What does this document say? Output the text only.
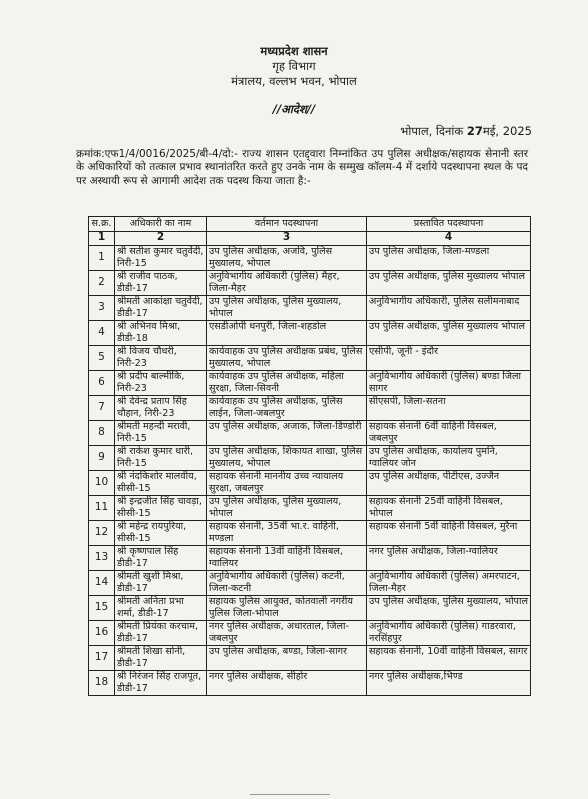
मध्यप्रदेश शासन
गृह विभाग
मंत्रालय, वल्लभ भवन, भोपाल
//आदेश//
भोपाल, दिनांक 27मई, 2025
क्रमांक:एफ1/4/0016/2025/बी-4/दो:- राज्य शासन एतद्द्वारा निम्नांकित उप पुलिस अधीक्षक/सहायक सेनानी स्तर के अधिकारियों को तत्काल प्रभाव स्थानांतरित करते हुए उनके नाम के सम्मुख कॉलम-4 में दर्शाये पदस्थापना स्थल के पद पर अस्थायी रूप से आगामी आदेश तक पदस्थ किया जाता है:-
स.क्र.	अधिकारी का नाम	वर्तमान पदस्थापना	प्रस्तावित पदस्थापना
1	2	3	4
1	श्री सतीश कुमार चतुर्वेदी, निरी-15	उप पुलिस अधीक्षक, अजवि, पुलिस मुख्यालय, भोपाल	उप पुलिस अधीक्षक, जिला-मण्डला
2	श्री राजीव पाठक, डीडी-17	अनुविभागीय अधिकारी (पुलिस) मैहर, जिला-मैहर	उप पुलिस अधीक्षक, पुलिस मुख्यालय भोपाल
3	श्रीमती आकांक्षा चतुर्वेदी, डीडी-17	उप पुलिस अधीक्षक, पुलिस मुख्यालय, भोपाल	अनुविभागीय अधिकारी, पुलिस सलीमनाबाद
4	श्री अभिनव मिश्रा, डीडी-18	एसडीओपी धनपुरी, जिला-शहडोल	उप पुलिस अधीक्षक, पुलिस मुख्यालय भोपाल
5	श्री विजय चौधरी, निरी-23	कार्यवाहक उप पुलिस अधीक्षक प्रबंध, पुलिस मुख्यालय, भोपाल	एसीपी, जूनी - इंदौर
6	श्री प्रदीप बाल्मीकि, निरी-23	कार्यवाहक उप पुलिस अधीक्षक, महिला सुरक्षा, जिला-सिवनी	अनुविभागीय अधिकारी (पुलिस) बण्डा जिला सागर
7	श्री देवेन्द्र प्रताप सिंह चौहान, निरी-23	कार्यवाहक उप पुलिस अधीक्षक, पुलिस लाईन, जिला-जबलपुर	सीएसपी, जिला-सतना
8	श्रीमती महन्दी मरावी, निरी-15	उप पुलिस अधीक्षक, अजाक, जिला-डिण्डोरी	सहायक सेनानी 6वीं वाहिनी विसबल, जबलपुर
9	श्री राकेश कुमार धारी, निरी-15	उप पुलिस अधीक्षक, शिकायत शाखा, पुलिस मुख्यालय, भोपाल	उप पुलिस अधीक्षक, कार्यालय पुमनि, ग्वालियर जोन
10	श्री नंदकिशोर मालवीय, सीसी-15	सहायक सेनानी माननीय उच्च न्यायालय सुरक्षा, जबलपुर	उप पुलिस अधीक्षक, पीटीएस, उज्जैन
11	श्री इन्द्रजीत सिंह चावड़ा, सीसी-15	उप पुलिस अधीक्षक, पुलिस मुख्यालय, भोपाल	सहायक सेनानी 25वीं वाहिनी विसबल, भोपाल
12	श्री महेन्द्र रायपुरिया, सीसी-15	सहायक सेनानी, 35वीं भा.र. वाहिनी, मण्डला	सहायक सेनानी 5वीं वाहिनी विसबल, मुरैना
13	श्री कृष्णपाल सिंह डीडी-17	सहायक सेनानी 13वीं वाहिनी विसबल, ग्वालियर	नगर पुलिस अधीक्षक, जिला-ग्वालियर
14	श्रीमती खुशी मिश्रा, डीडी-17	अनुविभागीय अधिकारी (पुलिस) कटनी, जिला-कटनी	अनुविभागीय अधिकारी (पुलिस) अमरपाटन, जिला-मैहर
15	श्रीमती अनिता प्रभा शर्मा, डीडी-17	सहायक पुलिस आयुक्त, कोतवाली नगरीय पुलिस जिला-भोपाल	उप पुलिस अधीक्षक, पुलिस मुख्यालय, भोपाल
16	श्रीमती प्रियंका करचाम, डीडी-17	नगर पुलिस अधीक्षक, अधारताल, जिला-जबलपुर	अनुविभागीय अधिकारी (पुलिस) गाडरवारा, नरसिंहपुर
17	श्रीमती शिखा सोनी, डीडी-17	उप पुलिस अधीक्षक, बण्डा, जिला-सागर	सहायक सेनानी, 10वीं वाहिनी विसबल, सागर
18	श्री निरंजन सिंह राजपूत, डीडी-17	नगर पुलिस अधीक्षक, सीहोर	नगर पुलिस अधीक्षक,भिण्ड
